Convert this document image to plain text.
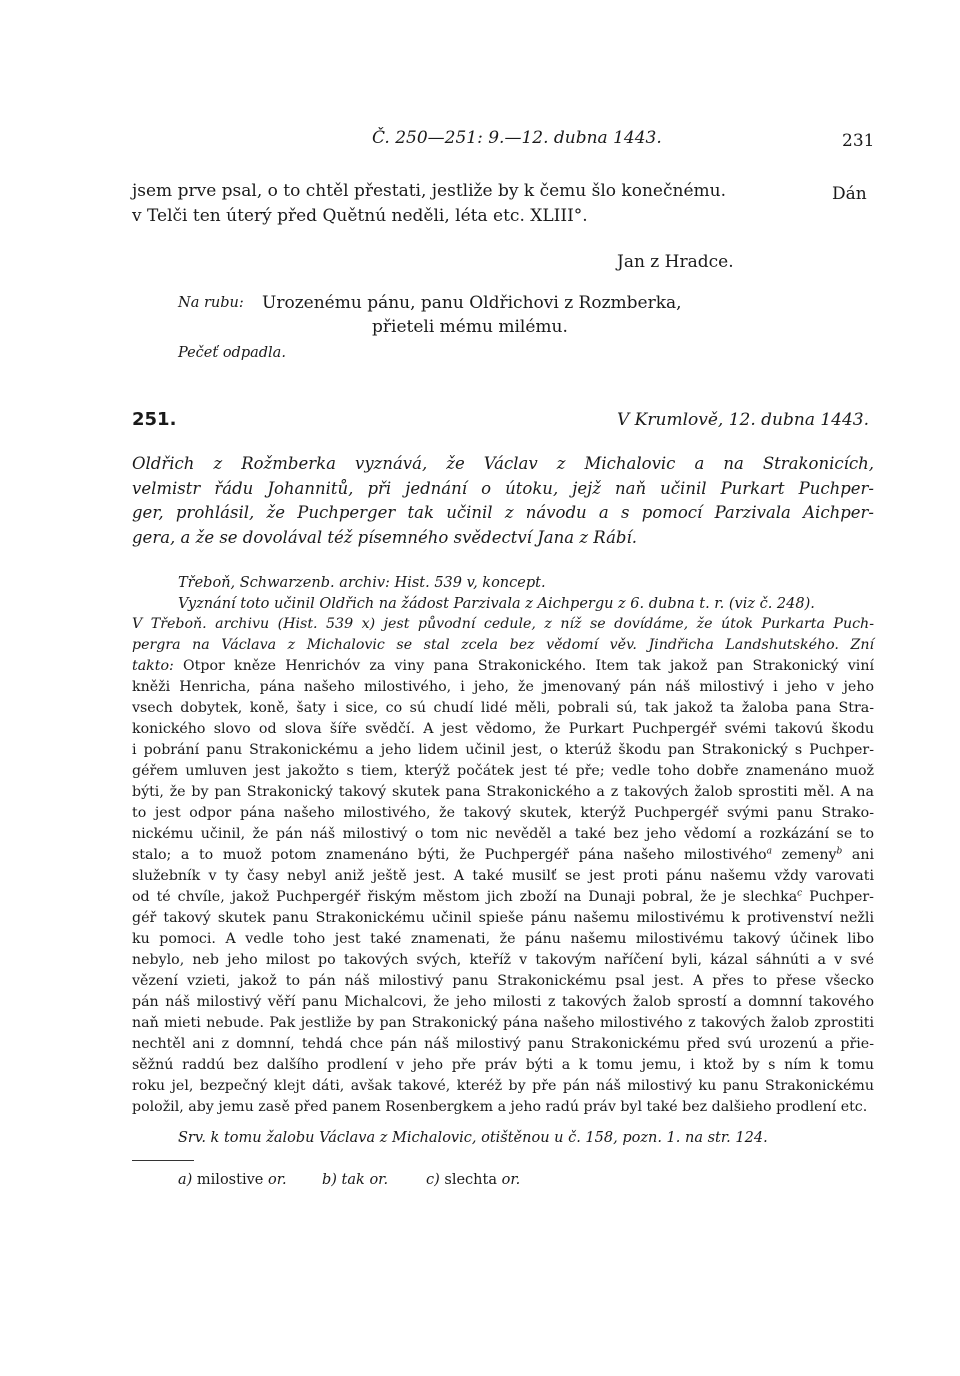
Č. 250—251: 9.—12. dubna 1443.	231
jsem prve psal, o to chtěl přestati, jestliže by k čemu šlo konečnému.
v Telči ten úterý před Quětnú neděli, léta etc. XLIII°.
Dán
Jan z Hradce.
Na rubu: Urozenému pánu, panu Oldřichovi z Rozmberka,
přieteli mému milému.
Pečeť odpadla.
251.	V Krumlově, 12. dubna 1443.
Oldřich z Rožmberka vyznává, že Václav z Michalovic a na Strakonicích,
velmistr řádu Johannitů, při jednání o útoku, jejž naň učinil Purkart Puchper-
ger, prohlásil, že Puchperger tak učinil z návodu a s pomocí Parzivala Aichper-
gera, a že se dovolával též písemného svědectví Jana z Rábí.
Třeboň, Schwarzenb. archiv: Hist. 539 v, koncept.
Vyznání toto učinil Oldřich na žádost Parzivala z Aichpergu z 6. dubna t. r. (viz č. 248).
V Třeboň. archivu (Hist. 539 x) jest původní cedule, z níž se dovídáme, že útok Purkarta Puch-
pergra na Václava z Michalovic se stal zcela bez vědomí věv. Jindřicha Landshutského. Zní
takto: Otpor kněze Henrichóv za viny pana Strakonického. Item tak jakož pan Strakonický viní
kněži Henricha, pána našeho milostivého, i jeho, že jmenovaný pán náš milostivý i jeho v jeho
vsech dobytek, koně, šaty i sice, co sú chudí lidé měli, pobrali sú, tak jakož ta žaloba pana Stra-
konického slovo od slova šíře svědčí. A jest vědomo, že Purkart Puchpergéř svémi takovú škodu
i pobrání panu Strakonickému a jeho lidem učinil jest, o kterúž škodu pan Strakonický s Puchper-
géřem umluven jest jakožto s tiem, kterýž počátek jest té pře; vedle toho dobře znamenáno muož
býti, že by pan Strakonický takový skutek pana Strakonického a z takových žalob sprostiti měl. A na
to jest odpor pána našeho milostivého, že takový skutek, kterýž Puchpergéř svými panu Strako-
nickému učinil, že pán náš milostivý o tom nic nevěděl a také bez jeho vědomí a rozkázání se to
stalo; a to muož potom znamenáno býti, že Puchpergéř pána našeho milostivého$^a$ zemeny$^b$ ani
služebník v ty časy nebyl aniž ještě jest. A také musilť se jest proti pánu našemu vždy varovati
od té chvíle, jakož Puchpergéř řiským městom jich zboží na Dunaji pobral, že je slechka$^c$ Puchper-
géř takový skutek panu Strakonickému učinil spieše pánu našemu milostivému k protivenství nežli
ku pomoci. A vedle toho jest také znamenati, že pánu našemu milostivému takový účinek libo
nebylo, neb jeho milost po takových svých, kteříž v takovým naříčení byli, kázal sáhnúti a v své
vězení vzieti, jakož to pán náš milostivý panu Strakonickému psal jest. A přes to přese všecko
pán náš milostivý věří panu Michalcovi, že jeho milosti z takových žalob sprostí a domnní takového
naň mieti nebude. Pak jestliže by pan Strakonický pána našeho milostivého z takových žalob zprostiti
nechtěl ani z domnní, tehdá chce pán náš milostivý panu Strakonickému před svú urozenú a přie-
sěžnú raddú bez dalšího prodlení v jeho pře práv býti a k tomu jemu, i ktož by s ním k tomu
roku jel, bezpečný klejt dáti, avšak takové, kteréž by pře pán náš milostivý ku panu Strakonickému
položil, aby jemu zasě před panem Rosenbergkem a jeho radú práv byl také bez dalšieho prodlení etc.
Srv. k tomu žalobu Václava z Michalovic, otištěnou u č. 158, pozn. 1. na str. 124.
a) milostive or. b) tak or.	c) slechta or.
